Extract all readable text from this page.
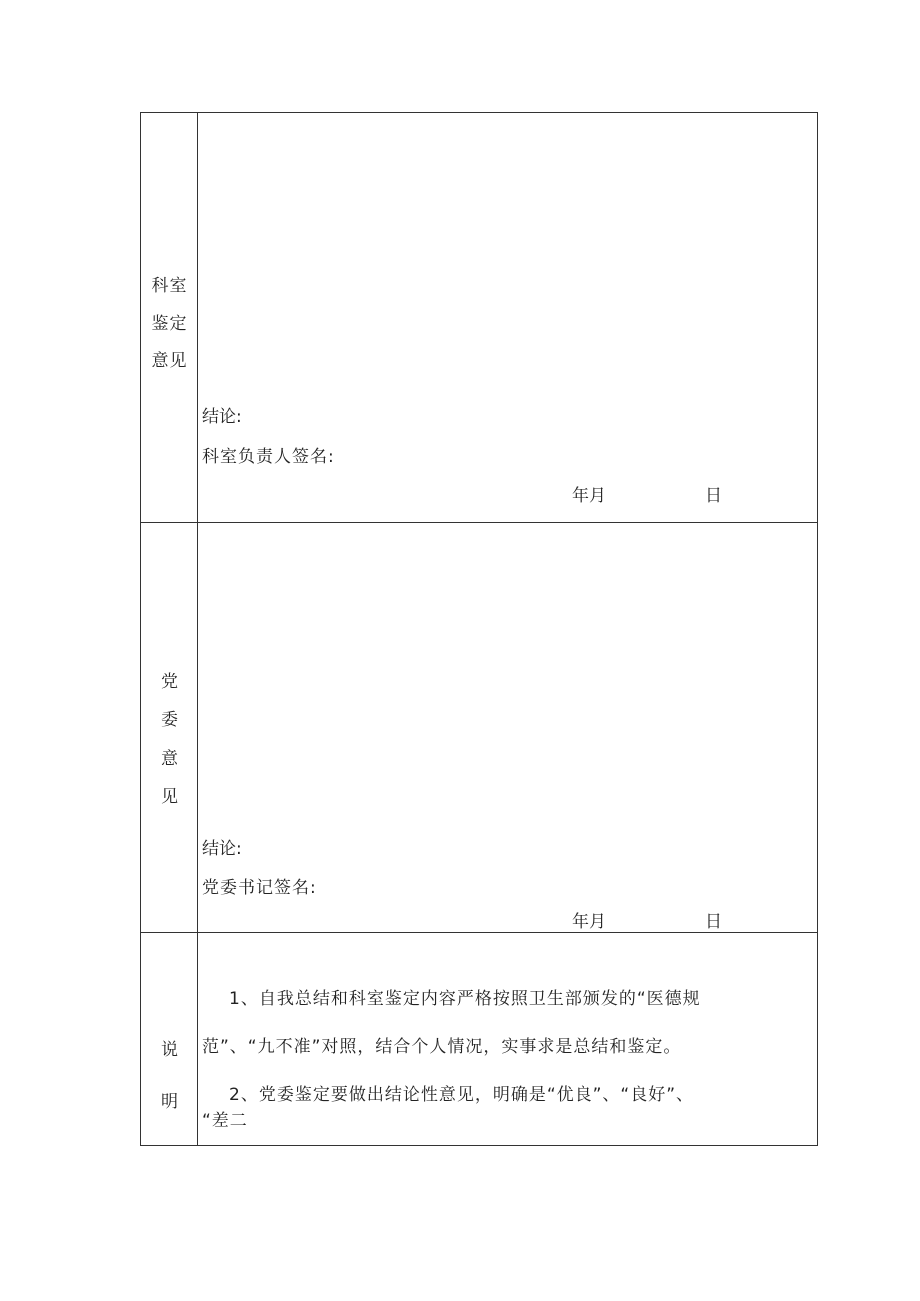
科室
鉴定
意见
结论:
科室负责人签名:
年月	日
党
委
意
见
结论:
党委书记签名:
年月	日
说
明
1、自我总结和科室鉴定内容严格按照卫生部颁发的“医德规
范”、“九不准”对照，结合个人情况，实事求是总结和鉴定。
2、党委鉴定要做出结论性意见，明确是“优良”、“良好”、
“差二
